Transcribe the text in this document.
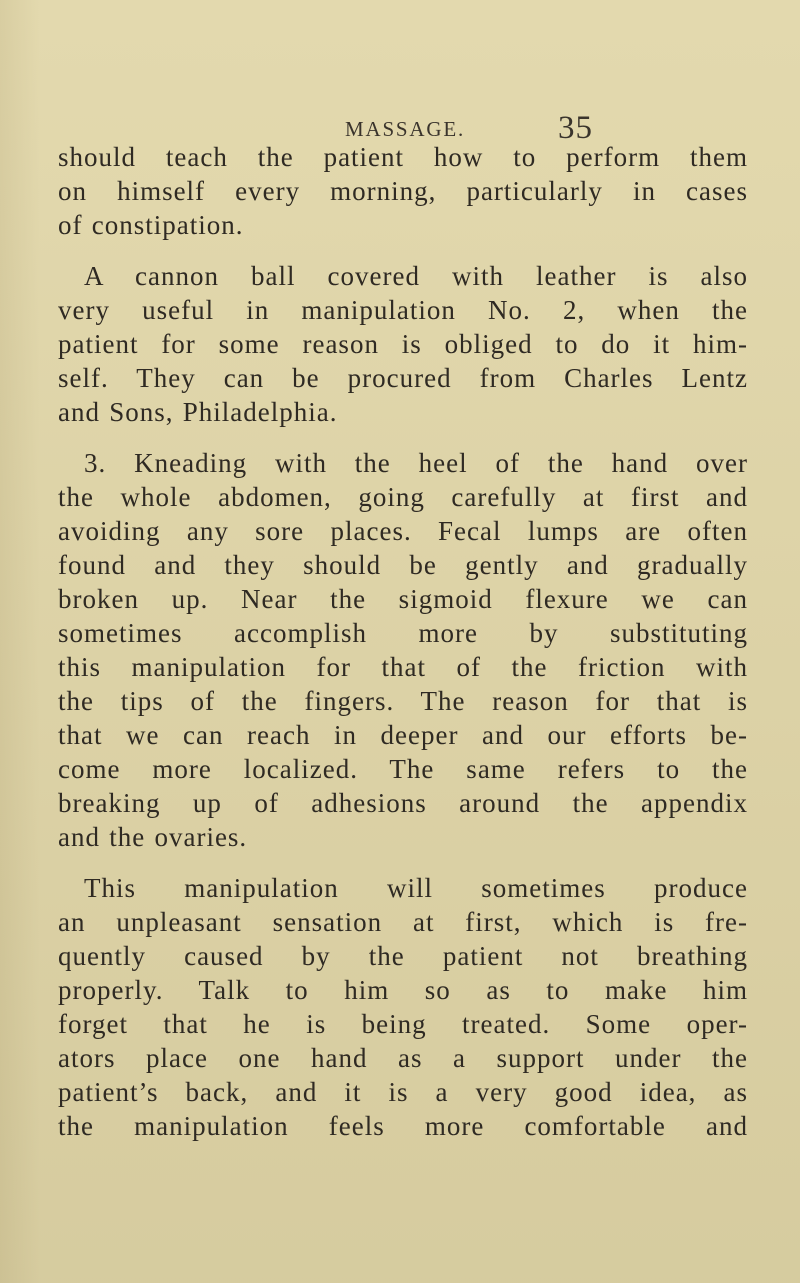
MASSAGE.	35

should teach the patient how to perform them
on himself every morning, particularly in cases
of constipation.

A cannon ball covered with leather is also
very useful in manipulation No. 2, when the
patient for some reason is obliged to do it him-
self. They can be procured from Charles Lentz
and Sons, Philadelphia.

3. Kneading with the heel of the hand over
the whole abdomen, going carefully at first and
avoiding any sore places. Fecal lumps are often
found and they should be gently and gradually
broken up. Near the sigmoid flexure we can
sometimes accomplish more by substituting
this manipulation for that of the friction with
the tips of the fingers. The reason for that is
that we can reach in deeper and our efforts be-
come more localized. The same refers to the
breaking up of adhesions around the appendix
and the ovaries.

This manipulation will sometimes produce
an unpleasant sensation at first, which is fre-
quently caused by the patient not breathing
properly. Talk to him so as to make him
forget that he is being treated. Some oper-
ators place one hand as a support under the
patient’s back, and it is a very good idea, as
the manipulation feels more comfortable and
